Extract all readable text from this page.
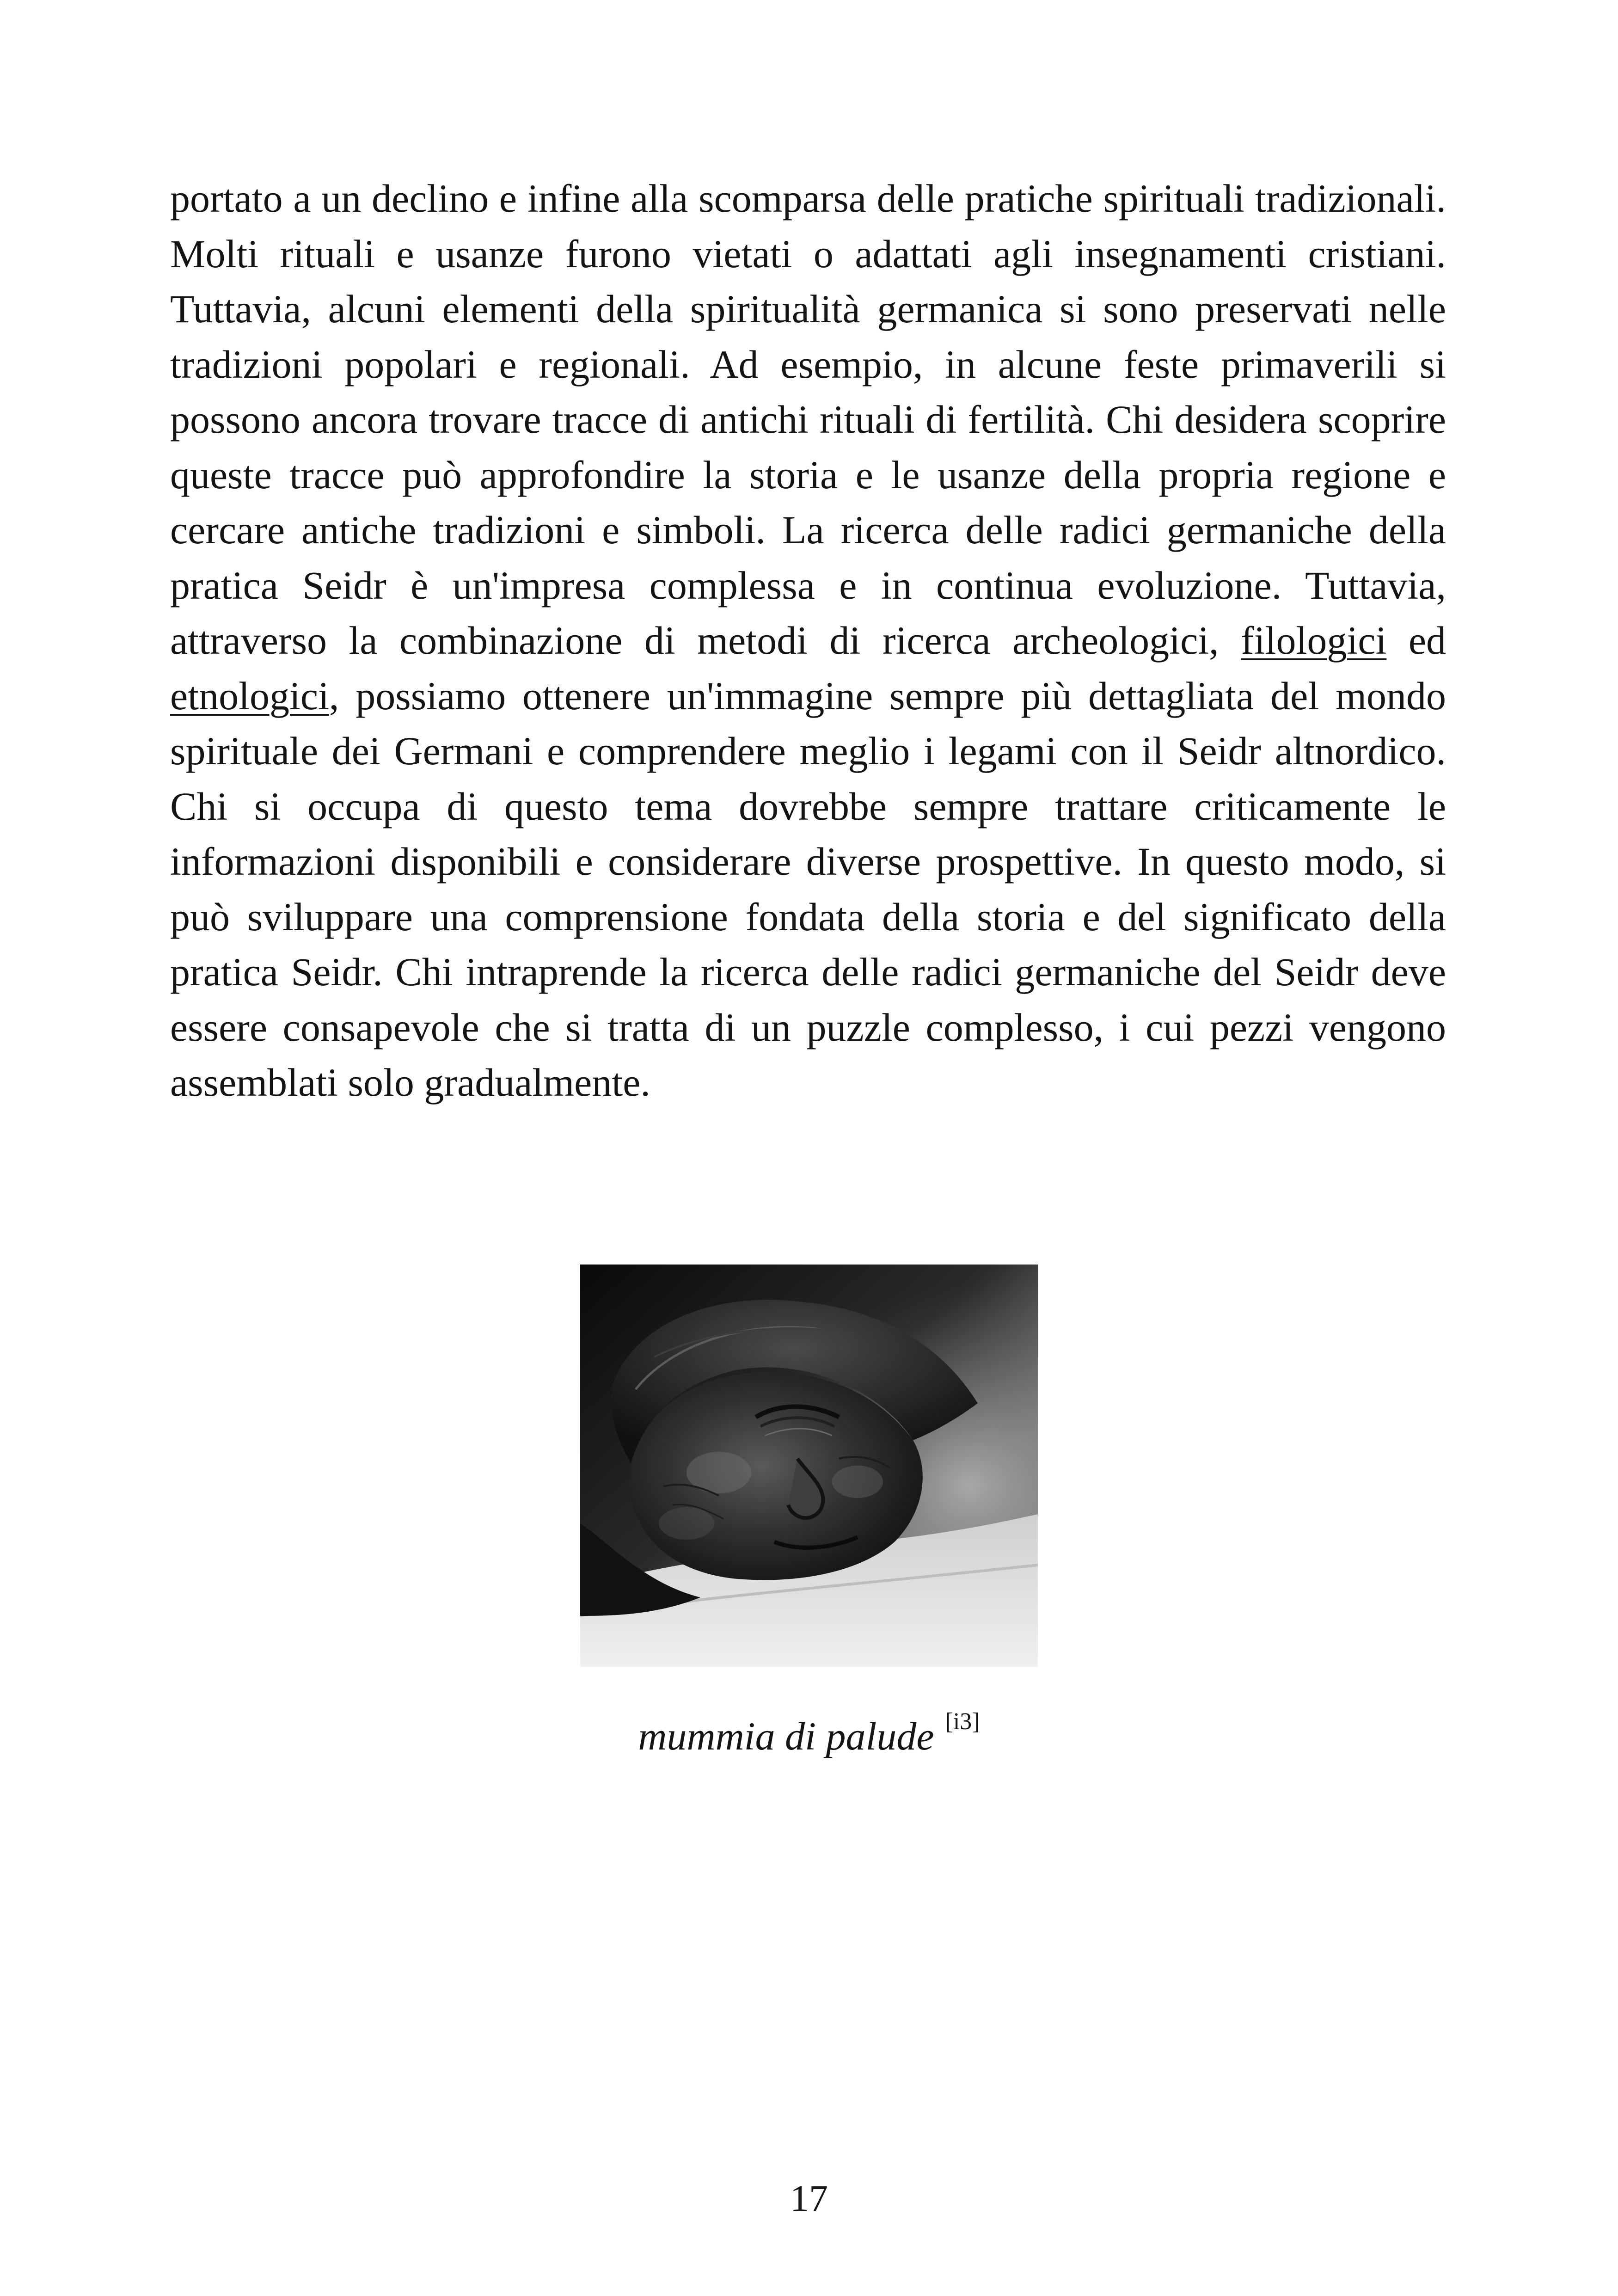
portato a un declino e infine alla scomparsa delle pratiche spirituali tradizionali. Molti rituali e usanze furono vietati o adattati agli insegnamenti cristiani. Tuttavia, alcuni elementi della spiritualità germanica si sono preservati nelle tradizioni popolari e regionali. Ad esempio, in alcune feste primaverili si possono ancora trovare tracce di antichi rituali di fertilità. Chi desidera scoprire queste tracce può approfondire la storia e le usanze della propria regione e cercare antiche tradizioni e simboli. La ricerca delle radici germaniche della pratica Seidr è un'impresa complessa e in continua evoluzione. Tuttavia, attraverso la combinazione di metodi di ricerca archeologici, filologici ed etnologici, possiamo ottenere un'immagine sempre più dettagliata del mondo spirituale dei Germani e comprendere meglio i legami con il Seidr altnordico. Chi si occupa di questo tema dovrebbe sempre trattare criticamente le informazioni disponibili e considerare diverse prospettive. In questo modo, si può sviluppare una comprensione fondata della storia e del significato della pratica Seidr. Chi intraprende la ricerca delle radici germaniche del Seidr deve essere consapevole che si tratta di un puzzle complesso, i cui pezzi vengono assemblati solo gradualmente.

mummia di palude [i3]
17
